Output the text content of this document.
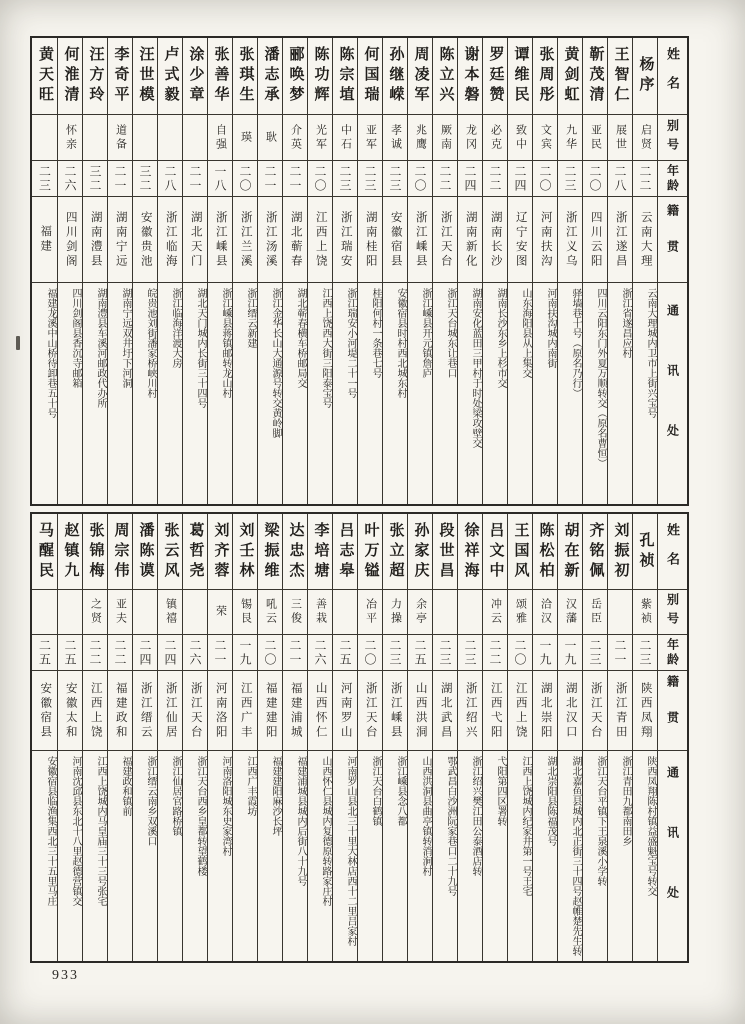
黄天旺
二三
福建
福建龙溪中山桥待卸巷五十号
何淮清
怀亲
二六
四川剑阁
四川剑阁县香沉寺邮箱
汪方玲
三二
湖南澧县
湖南澧县车溪河邮政代办所
李奇平
道备
二一
湖南宁远
湖南宁远双井圩下河洞
汪世模
三二
安徽贵池
皖贵池刘街潘家桥峡川村
卢式毅
二八
浙江临海
浙江临海洋渡大房
涂少章
二一
湖北天门
湖北天门城内长街三十四号
张善华
自强
一八
浙江嵊县
浙江嵊县蒋镇邮转龙山村
张琪生
瑛
二〇
浙江兰溪
浙江缙云新建
潘志承
耿
二一
浙江汤溪
浙江金华长山大通源号转交黄岭脚
郦唤梦
介英
二一
湖北蕲春
湖北蕲春横车桥邮局交
陈功辉
光军
二〇
江西上饶
江西上饶西大街三阳泰宝号
陈宗埴
中石
二三
浙江瑞安
浙江瑞安小河堤二十一号
何国瑞
亚军
二三
湖南桂阳
桂阳何村一条巷七号
孙继嵘
孝诚
二三
安徽宿县
安徽宿县时村西北城东村
周凌军
兆鹰
二〇
浙江嵊县
浙江嵊县开元镇詹庐
陈立兴
厥南
二二
浙江天台
浙江天台城东让巷口
谢本磐
龙冈
二四
湖南新化
湖南安化蓝田三甲村于时处梁攻壁交
罗廷赞
必克
二二
湖南长沙
湖南长沙东乡上杉市交
谭维民
致中
二四
辽宁安图
山东海阳县从上集交
张周彤
文宾
二〇
河南扶沟
河南扶沟城内南街
黄剑虹
九华
二三
浙江义乌
驿墙巷十号（原名乃行）
靳茂清
亚民
二〇
四川云阳
四川云阳东门外夏万顺转交（原名曹恒）
王智仁
展世
二八
浙江遂昌
浙江省遂昌应村
杨序
启贤
二二
云南大理
云南大理城内卫市上街兴宝号
姓名
别号
年龄
籍贯
通讯处
马醒民
二五
安徽宿县
安徽宿县临渔集西北三十五里马庄
赵镇九
二五
安徽太和
河南沈邱县东北十八里赵德营镇交
张锦梅
之贤
二二
江西上饶
江西上饶城内马皇庙三十三号张宅
周宗伟
亚夫
二二
福建政和
福建政和镇前
潘陈谟
二四
浙江缙云
浙江缙云南乡双溪口
张云风
镇禧
二四
浙江仙居
浙江仙居官路桥镇
葛哲尧
二六
浙江天台
浙江天台西乡皇都转望鹤楼
刘齐蓉
荣
二一
河南洛阳
河南洛阳城东史家湾村
刘壬林
锡艮
一九
江西广丰
江西广丰霞坊
梁振维
吼云
二〇
福建建阳
福建建阳麻沙长坪
达忠杰
三俊
二一
福建浦城
福建浦城县城内后街八十九号
李培塘
善栽
二六
山西怀仁
山西怀仁县城内复德原转路家庄村
吕志皋
二五
河南罗山
河南罗山县北三十里大林店西十二里吕家村
叶万镒
冶平
二〇
浙江天台
浙江天台白鹤镇
张立超
力操
二三
浙江嵊县
浙江嵊县念八都
孙家庆
余亭
二五
山西洪洞
山西洪洞县曲亭镇转消涧村
段世昌
二三
湖北武昌
鄂武昌白沙洲阮家巷口二十九号
徐祥海
二三
浙江绍兴
浙江绍兴樊江田公泰酒店转
吕文中
冲云
二二
江西弋阳
弋阳第四区署转
王国风
颂雅
二〇
江西上饶
江西上饶城内纪家井第一号王宅
陈松柏
洽汉
一九
湖北崇阳
湖北崇阳县陈福茂号
胡在新
汉藩
一九
湖北汉口
湖北嘉鱼县城内北正街三十四号赵帷楚先生转
齐铭佩
岳臣
二三
浙江天台
浙江天台平镇下王泉溪小学转
刘振初
二一
浙江青田
浙江青田九都南田乡
孔祯
紫祯
二三
陕西凤翔
陕西凤翔陈村镇益盛魁宝号转交
姓名
别号
年龄
籍贯
通讯处
933
